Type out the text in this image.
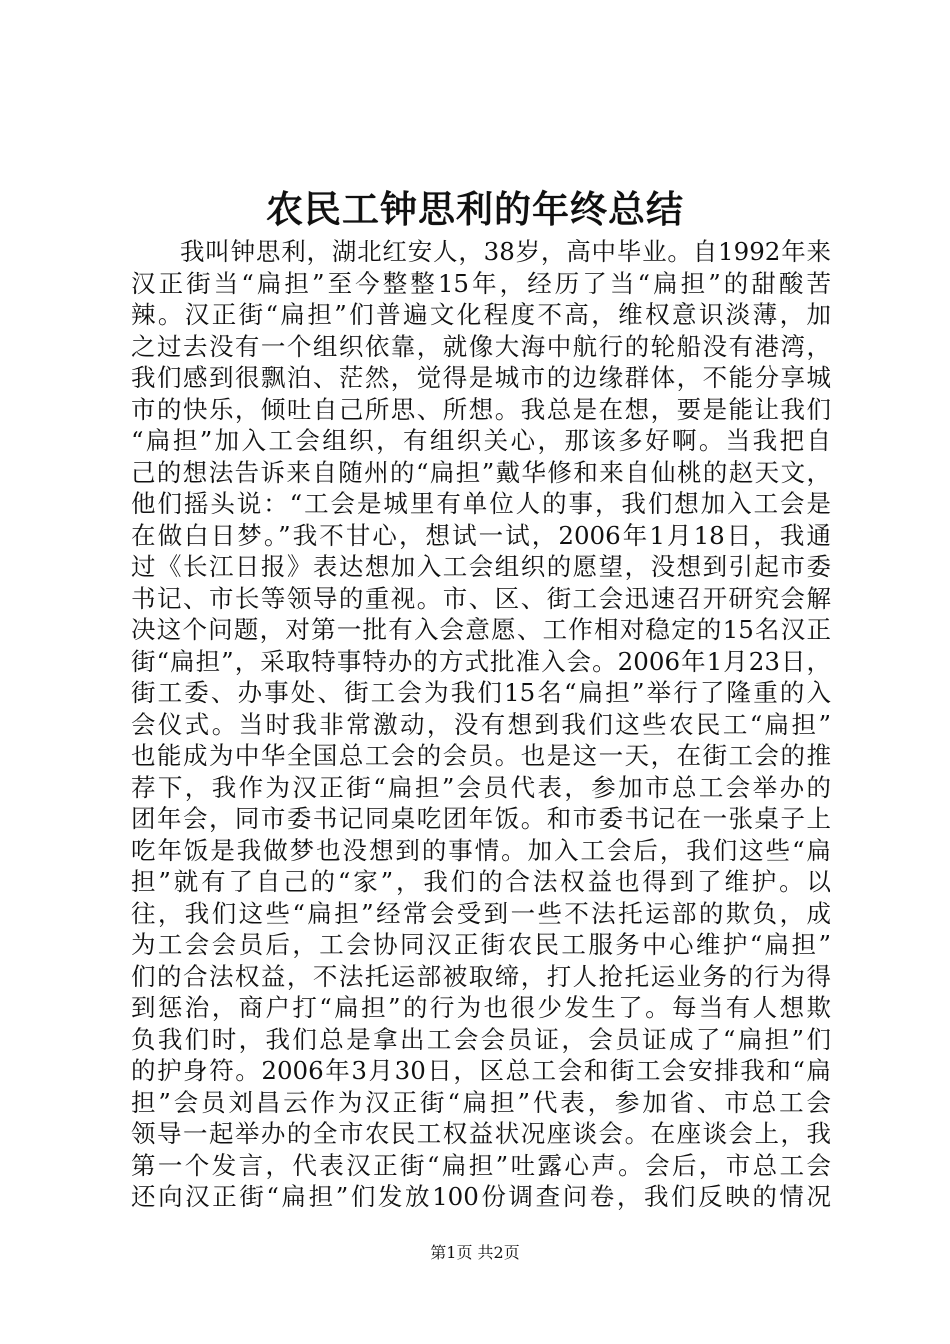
农民工钟思利的年终总结
我叫钟思利，湖北红安人，38岁，高中毕业。自1992年来
汉正街当“扁担”至今整整15年，经历了当“扁担”的甜酸苦
辣。汉正街“扁担”们普遍文化程度不高，维权意识淡薄，加
之过去没有一个组织依靠，就像大海中航行的轮船没有港湾，
我们感到很飘泊、茫然，觉得是城市的边缘群体，不能分享城
市的快乐，倾吐自己所思、所想。我总是在想，要是能让我们
“扁担”加入工会组织，有组织关心，那该多好啊。当我把自
己的想法告诉来自随州的“扁担”戴华修和来自仙桃的赵天文，
他们摇头说：“工会是城里有单位人的事，我们想加入工会是
在做白日梦。”我不甘心，想试一试，2006年1月18日，我通
过《长江日报》表达想加入工会组织的愿望，没想到引起市委
书记、市长等领导的重视。市、区、街工会迅速召开研究会解
决这个问题，对第一批有入会意愿、工作相对稳定的15名汉正
街“扁担”，采取特事特办的方式批准入会。2006年1月23日，
街工委、办事处、街工会为我们15名“扁担”举行了隆重的入
会仪式。当时我非常激动，没有想到我们这些农民工“扁担”
也能成为中华全国总工会的会员。也是这一天，在街工会的推
荐下，我作为汉正街“扁担”会员代表，参加市总工会举办的
团年会，同市委书记同桌吃团年饭。和市委书记在一张桌子上
吃年饭是我做梦也没想到的事情。加入工会后，我们这些“扁
担”就有了自己的“家”，我们的合法权益也得到了维护。以
往，我们这些“扁担”经常会受到一些不法托运部的欺负，成
为工会会员后，工会协同汉正街农民工服务中心维护“扁担”
们的合法权益，不法托运部被取缔，打人抢托运业务的行为得
到惩治，商户打“扁担”的行为也很少发生了。每当有人想欺
负我们时，我们总是拿出工会会员证，会员证成了“扁担”们
的护身符。2006年3月30日，区总工会和街工会安排我和“扁
担”会员刘昌云作为汉正街“扁担”代表，参加省、市总工会
领导一起举办的全市农民工权益状况座谈会。在座谈会上，我
第一个发言，代表汉正街“扁担”吐露心声。会后，市总工会
还向汉正街“扁担”们发放100份调查问卷，我们反映的情况
第1页 共2页
